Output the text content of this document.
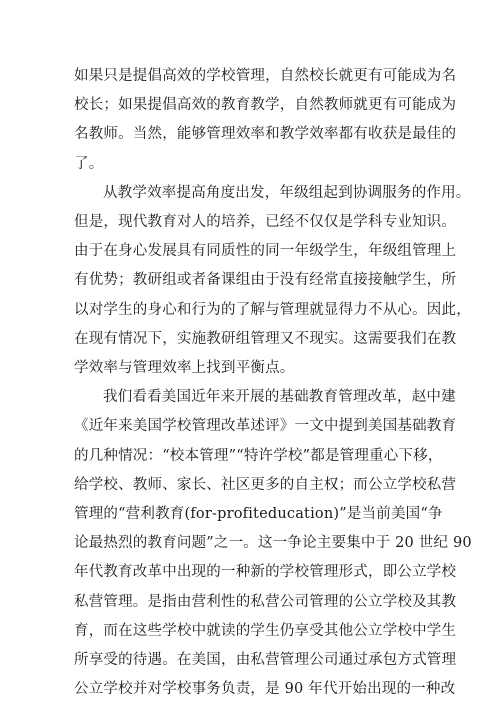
如果只是提倡高效的学校管理，自然校长就更有可能成为名
校长；如果提倡高效的教育教学，自然教师就更有可能成为
名教师。当然，能够管理效率和教学效率都有收获是最佳的
了。
从教学效率提高角度出发，年级组起到协调服务的作用。
但是，现代教育对人的培养，已经不仅仅是学科专业知识。
由于在身心发展具有同质性的同一年级学生，年级组管理上
有优势；教研组或者备课组由于没有经常直接接触学生，所
以对学生的身心和行为的了解与管理就显得力不从心。因此，
在现有情况下，实施教研组管理又不现实。这需要我们在教
学效率与管理效率上找到平衡点。
我们看看美国近年来开展的基础教育管理改革，赵中建
《近年来美国学校管理改革述评》一文中提到美国基础教育
的几种情况：“校本管理”“特许学校”都是管理重心下移，
给学校、教师、家长、社区更多的自主权；而公立学校私营
管理的“营利教育(for-profiteducation)”是当前美国“争
论最热烈的教育问题”之一。这一争论主要集中于 20 世纪 90
年代教育改革中出现的一种新的学校管理形式，即公立学校
私营管理。是指由营利性的私营公司管理的公立学校及其教
育，而在这些学校中就读的学生仍享受其他公立学校中学生
所享受的待遇。在美国，由私营管理公司通过承包方式管理
公立学校并对学校事务负责，是 90 年代开始出现的一种改
